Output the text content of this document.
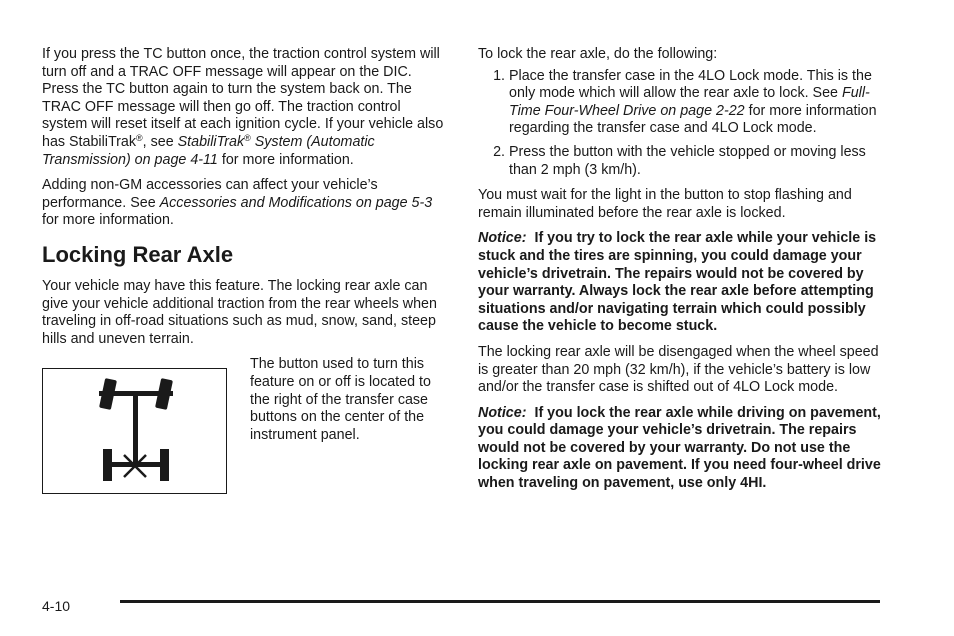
If you press the TC button once, the traction control system will turn off and a TRAC OFF message will appear on the DIC. Press the TC button again to turn the system back on. The TRAC OFF message will then go off. The traction control system will reset itself at each ignition cycle. If your vehicle also has StabiliTrak®, see StabiliTrak® System (Automatic Transmission) on page 4-11 for more information.

Adding non-GM accessories can affect your vehicle’s performance. See Accessories and Modifications on page 5-3 for more information.

Locking Rear Axle

Your vehicle may have this feature. The locking rear axle can give your vehicle additional traction from the rear wheels when traveling in off-road situations such as mud, snow, sand, steep hills and uneven terrain.

The button used to turn this feature on or off is located to the right of the transfer case buttons on the center of the instrument panel.

To lock the rear axle, do the following:

1. Place the transfer case in the 4LO Lock mode. This is the only mode which will allow the rear axle to lock. See Full-Time Four-Wheel Drive on page 2-22 for more information regarding the transfer case and 4LO Lock mode.
2. Press the button with the vehicle stopped or moving less than 2 mph (3 km/h).

You must wait for the light in the button to stop flashing and remain illuminated before the rear axle is locked.

Notice: If you try to lock the rear axle while your vehicle is stuck and the tires are spinning, you could damage your vehicle’s drivetrain. The repairs would not be covered by your warranty. Always lock the rear axle before attempting situations and/or navigating terrain which could possibly cause the vehicle to become stuck.

The locking rear axle will be disengaged when the wheel speed is greater than 20 mph (32 km/h), if the vehicle’s battery is low and/or the transfer case is shifted out of 4LO Lock mode.

Notice: If you lock the rear axle while driving on pavement, you could damage your vehicle’s drivetrain. The repairs would not be covered by your warranty. Do not use the locking rear axle on pavement. If you need four-wheel drive when traveling on pavement, use only 4HI.

4-10
